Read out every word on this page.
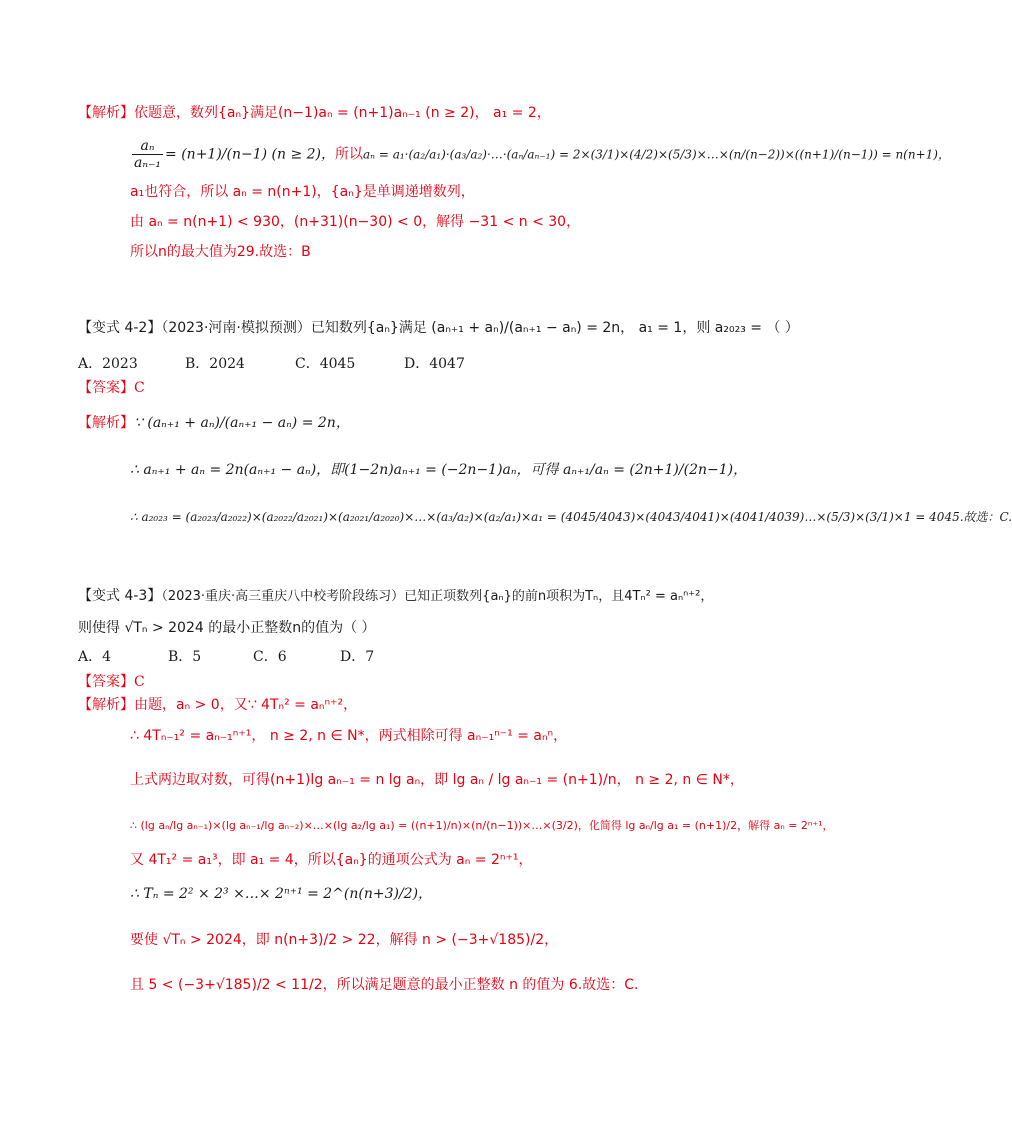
【解析】依题意，数列{aₙ}满足(n−1)aₙ = (n+1)aₙ₋₁ (n ≥ 2)， a₁ = 2，
$\frac{\text{aₙ}}{\text{aₙ₋₁}} = (n+1)/(n-1) (n \ge 2)$，所以aₙ = a₁·(a₂/a₁)·(a₃/a₂)·…·(aₙ/aₙ₋₁) = 2×(3/1)×(4/2)×(5/3)×…×(n/(n−2))×((n+1)/(n−1)) = n(n+1)，
a₁也符合，所以 aₙ = n(n+1)，{aₙ}是单调递增数列，
由 aₙ = n(n+1) < 930，(n+31)(n−30) < 0，解得 −31 < n < 30，
所以n的最大值为29.故选：B
【变式 4-2】（2023·河南·模拟预测）已知数列{aₙ}满足 (aₙ₊₁ + aₙ)/(aₙ₊₁ − aₙ) = 2n， a₁ = 1，则 a₂₀₂₃ = （ ）
A．2023	B．2024	C．4045	D．4047
【答案】C
【解析】∵ (aₙ₊₁ + aₙ)/(aₙ₊₁ − aₙ) = 2n，
∴ aₙ₊₁ + aₙ = 2n(aₙ₊₁ − aₙ)，即(1−2n)aₙ₊₁ = (−2n−1)aₙ，可得 aₙ₊₁/aₙ = (2n+1)/(2n−1)，
∴ a₂₀₂₃ = (a₂₀₂₃/a₂₀₂₂)×(a₂₀₂₂/a₂₀₂₁)×(a₂₀₂₁/a₂₀₂₀)×…×(a₃/a₂)×(a₂/a₁)×a₁ = (4045/4043)×(4043/4041)×(4041/4039)…×(5/3)×(3/1)×1 = 4045.故选：C.
【变式 4-3】（2023·重庆·高三重庆八中校考阶段练习）已知正项数列{aₙ}的前n项积为Tₙ，且4Tₙ² = aₙⁿ⁺²，
则使得 √Tₙ > 2024 的最小正整数n的值为（ ）
A．4	B．5	C．6	D．7
【答案】C
【解析】由题，aₙ > 0，又∵ 4Tₙ² = aₙⁿ⁺²，
∴ 4Tₙ₋₁² = aₙ₋₁ⁿ⁺¹， n ≥ 2, n ∈ N*，两式相除可得 aₙ₋₁ⁿ⁻¹ = aₙⁿ，
上式两边取对数，可得(n+1)lg aₙ₋₁ = n lg aₙ，即 lg aₙ / lg aₙ₋₁ = (n+1)/n， n ≥ 2, n ∈ N*，
∴ (lg aₙ/lg aₙ₋₁)×(lg aₙ₋₁/lg aₙ₋₂)×…×(lg a₂/lg a₁) = ((n+1)/n)×(n/(n−1))×…×(3/2)，化简得 lg aₙ/lg a₁ = (n+1)/2，解得 aₙ = 2ⁿ⁺¹，
又 4T₁² = a₁³，即 a₁ = 4，所以{aₙ}的通项公式为 aₙ = 2ⁿ⁺¹，
∴ Tₙ = 2² × 2³ ×…× 2ⁿ⁺¹ = 2^(n(n+3)/2)，
要使 √Tₙ > 2024，即 n(n+3)/2 > 22，解得 n > (−3+√185)/2，
且 5 < (−3+√185)/2 < 11/2，所以满足题意的最小正整数 n 的值为 6.故选：C.
